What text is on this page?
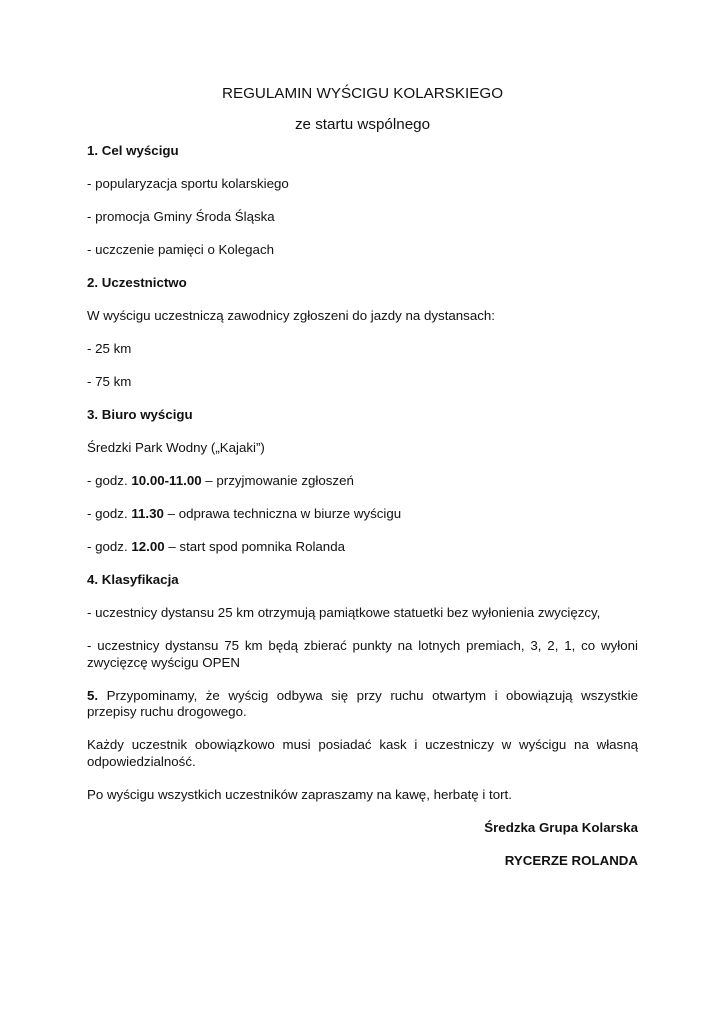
REGULAMIN WYŚCIGU KOLARSKIEGO
ze startu wspólnego
1. Cel wyścigu
- popularyzacja sportu kolarskiego
- promocja Gminy Środa Śląska
- uczczenie pamięci o Kolegach
2. Uczestnictwo
W wyścigu uczestniczą zawodnicy zgłoszeni do jazdy na dystansach:
- 25 km
- 75 km
3. Biuro wyścigu
Średzki Park Wodny („Kajaki”)
- godz. 10.00-11.00 – przyjmowanie zgłoszeń
- godz. 11.30 – odprawa techniczna w biurze wyścigu
- godz. 12.00 – start spod pomnika Rolanda
4. Klasyfikacja
- uczestnicy dystansu 25 km otrzymują pamiątkowe statuetki bez wyłonienia zwycięzcy,
- uczestnicy dystansu 75 km będą zbierać punkty na lotnych premiach, 3, 2, 1, co wyłoni zwycięzcę wyścigu OPEN
5. Przypominamy, że wyścig odbywa się przy ruchu otwartym i obowiązują wszystkie przepisy ruchu drogowego.
Każdy uczestnik obowiązkowo musi posiadać kask i uczestniczy w wyścigu na własną odpowiedzialność.
Po wyścigu wszystkich uczestników zapraszamy na kawę, herbatę i tort.
Średzka Grupa Kolarska
RYCERZE ROLANDA
